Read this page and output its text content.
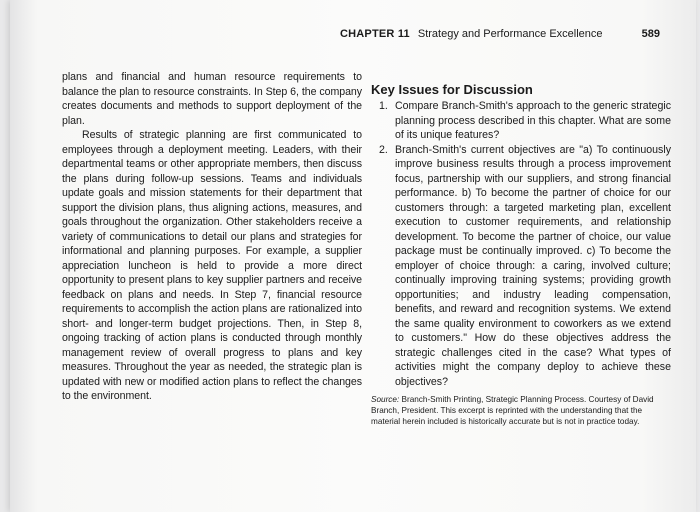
CHAPTER 11 Strategy and Performance Excellence	589

plans and financial and human resource requirements to balance the plan to resource constraints. In Step 6, the company creates documents and methods to support deployment of the plan.

Results of strategic planning are first communicated to employees through a deployment meeting. Leaders, with their departmental teams or other appropriate members, then discuss the plans during follow-up sessions. Teams and individuals update goals and mission statements for their department that support the division plans, thus aligning actions, measures, and goals throughout the organization. Other stakeholders receive a variety of communications to detail our plans and strategies for informational and planning purposes. For example, a supplier appreciation luncheon is held to provide a more direct opportunity to present plans to key supplier partners and receive feedback on plans and needs. In Step 7, financial resource requirements to accomplish the action plans are rationalized into short- and longer-term budget projections. Then, in Step 8, ongoing tracking of action plans is conducted through monthly management review of overall progress to plans and key measures. Throughout the year as needed, the strategic plan is updated with new or modified action plans to reflect the changes to the environment.

Key Issues for Discussion
1. Compare Branch-Smith's approach to the generic strategic planning process described in this chapter. What are some of its unique features?
2. Branch-Smith's current objectives are "a) To continuously improve business results through a process improvement focus, partnership with our suppliers, and strong financial performance. b) To become the partner of choice for our customers through: a targeted marketing plan, excellent execution to customer requirements, and relationship development. To become the partner of choice, our value package must be continually improved. c) To become the employer of choice through: a caring, involved culture; continually improving training systems; providing growth opportunities; and industry leading compensation, benefits, and reward and recognition systems. We extend the same quality environment to coworkers as we extend to customers." How do these objectives address the strategic challenges cited in the case? What types of activities might the company deploy to achieve these objectives?
Source: Branch-Smith Printing, Strategic Planning Process. Courtesy of David Branch, President. This excerpt is reprinted with the understanding that the material herein included is historically accurate but is not in practice today.
